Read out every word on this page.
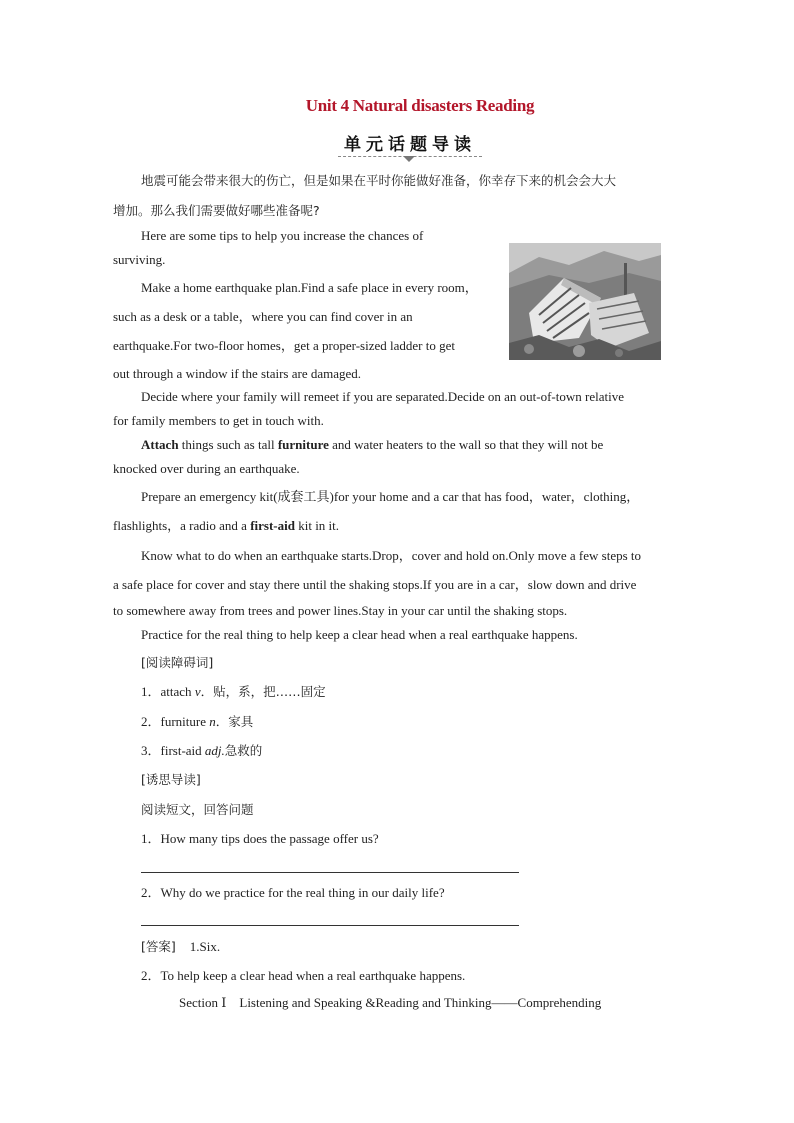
Unit 4 Natural disasters Reading
单元话题导读
地震可能会带来很大的伤亡，但是如果在平时你能做好准备，你幸存下来的机会会大大
增加。那么我们需要做好哪些准备呢?
Here are some tips to help you increase the chances of
surviving.
Make a home earthquake plan.Find a safe place in every room，
such as a desk or a table，where you can find cover in an
earthquake.For two-floor homes，get a proper-sized ladder to get
out through a window if the stairs are damaged.
Decide where your family will remeet if you are separated.Decide on an out-of-town relative
for family members to get in touch with.
Attach things such as tall furniture and water heaters to the wall so that they will not be
knocked over during an earthquake.
Prepare an emergency kit(成套工具)for your home and a car that has food，water，clothing，
flashlights，a radio and a first-aid kit in it.
Know what to do when an earthquake starts.Drop，cover and hold on.Only move a few steps to
a safe place for cover and stay there until the shaking stops.If you are in a car，slow down and drive
to somewhere away from trees and power lines.Stay in your car until the shaking stops.
Practice for the real thing to help keep a clear head when a real earthquake happens.
[阅读障碍词]
1．attach v．贴，系，把……固定
2．furniture n．家具
3．first-aid adj.急救的
[诱思导读]
阅读短文，回答问题
1．How many tips does the passage offer us?
2．Why do we practice for the real thing in our daily life?
[答案] 1.Six.
2．To help keep a clear head when a real earthquake happens.
Section Ⅰ　Listening and Speaking &Reading and Thinking——Comprehending
